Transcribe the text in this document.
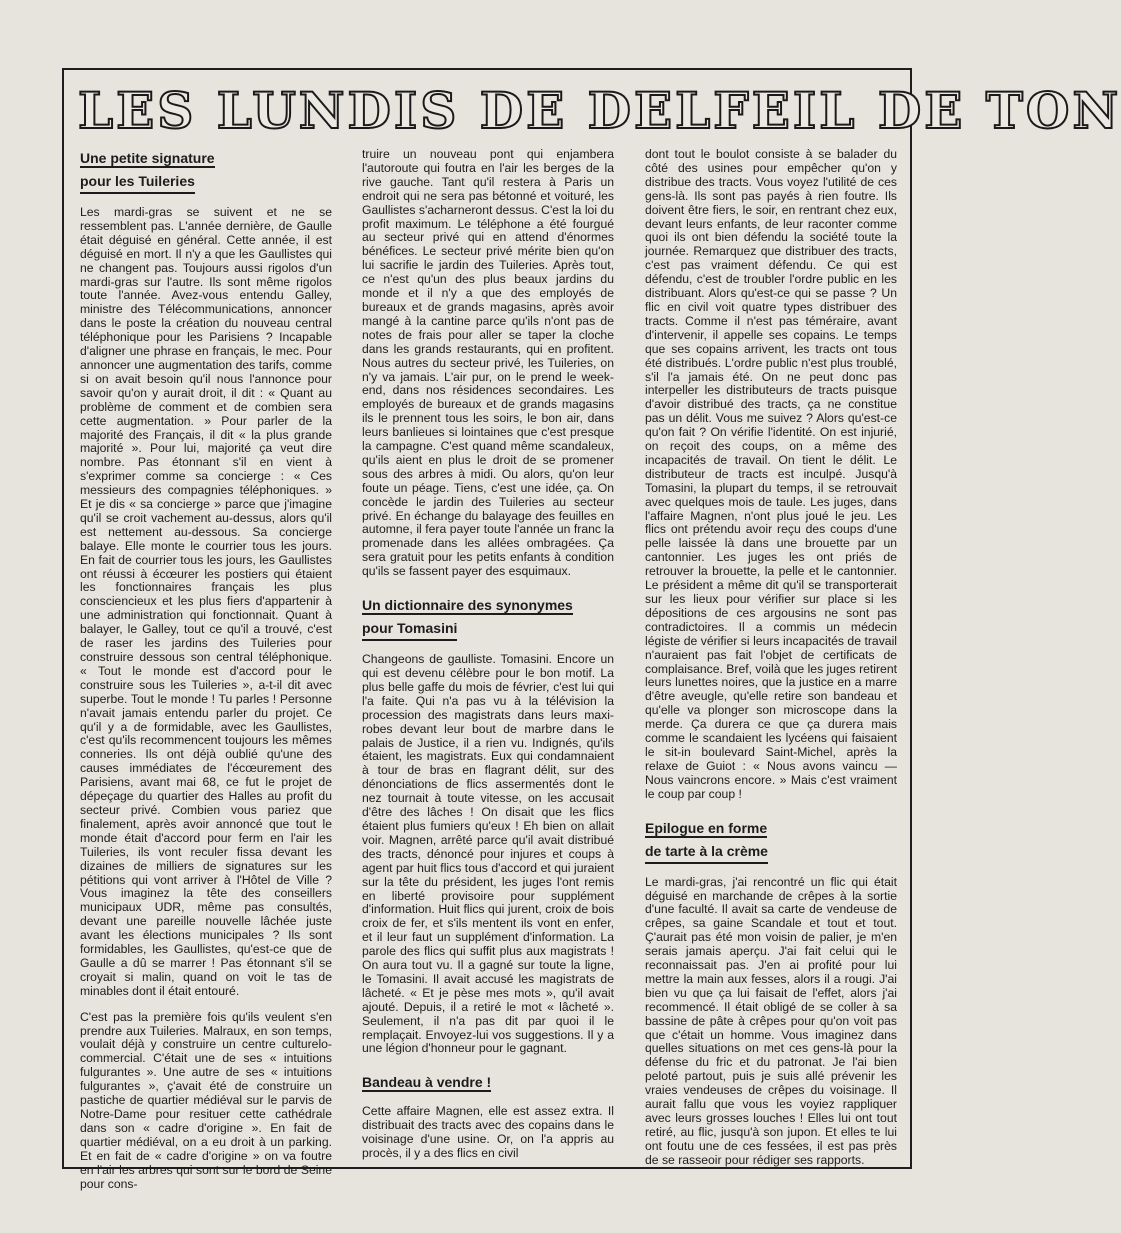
LES LUNDIS DE DELFEIL DE TON
Une petite signature
pour les Tuileries

Les mardi-gras se suivent et ne se ressemblent pas. L'année dernière, de Gaulle était déguisé en général. Cette année, il est déguisé en mort. Il n'y a que les Gaullistes qui ne changent pas. Toujours aussi rigolos d'un mardi-gras sur l'autre. Ils sont même rigolos toute l'année. Avez-vous entendu Galley, ministre des Télécommunications, annoncer dans le poste la création du nouveau central téléphonique pour les Parisiens ? Incapable d'aligner une phrase en français, le mec. Pour annoncer une augmentation des tarifs, comme si on avait besoin qu'il nous l'annonce pour savoir qu'on y aurait droit, il dit : « Quant au problème de comment et de combien sera cette augmentation. » Pour parler de la majorité des Français, il dit « la plus grande majorité ». Pour lui, majorité ça veut dire nombre. Pas étonnant s'il en vient à s'exprimer comme sa concierge : « Ces messieurs des compagnies téléphoniques. » Et je dis « sa concierge » parce que j'imagine qu'il se croit vachement au-dessus, alors qu'il est nettement au-dessous. Sa concierge balaye. Elle monte le courrier tous les jours. En fait de courrier tous les jours, les Gaullistes ont réussi à écœurer les postiers qui étaient les fonctionnaires français les plus consciencieux et les plus fiers d'appartenir à une administration qui fonctionnait. Quant à balayer, le Galley, tout ce qu'il a trouvé, c'est de raser les jardins des Tuileries pour construire dessous son central téléphonique. « Tout le monde est d'accord pour le construire sous les Tuileries », a-t-il dit avec superbe. Tout le monde ! Tu parles ! Personne n'avait jamais entendu parler du projet. Ce qu'il y a de formidable, avec les Gaullistes, c'est qu'ils recommencent toujours les mêmes conneries. Ils ont déjà oublié qu'une des causes immédiates de l'écœurement des Parisiens, avant mai 68, ce fut le projet de dépeçage du quartier des Halles au profit du secteur privé. Combien vous pariez que finalement, après avoir annoncé que tout le monde était d'accord pour ferm en l'air les Tuileries, ils vont reculer fissa devant les dizaines de milliers de signatures sur les pétitions qui vont arriver à l'Hôtel de Ville ? Vous imaginez la tête des conseillers municipaux UDR, même pas consultés, devant une pareille nouvelle lâchée juste avant les élections municipales ? Ils sont formidables, les Gaullistes, qu'est-ce que de Gaulle a dû se marrer ! Pas étonnant s'il se croyait si malin, quand on voit le tas de minables dont il était entouré.

C'est pas la première fois qu'ils veulent s'en prendre aux Tuileries. Malraux, en son temps, voulait déjà y construire un centre culturelo-commercial. C'était une de ses « intuitions fulgurantes ». Une autre de ses « intuitions fulgurantes », ç'avait été de construire un pastiche de quartier médiéval sur le parvis de Notre-Dame pour resituer cette cathédrale dans son « cadre d'origine ». En fait de quartier médiéval, on a eu droit à un parking. Et en fait de « cadre d'origine » on va foutre en l'air les arbres qui sont sur le bord de Seine pour cons-

truire un nouveau pont qui enjambera l'autoroute qui foutra en l'air les berges de la rive gauche. Tant qu'il restera à Paris un endroit qui ne sera pas bétonné et voituré, les Gaullistes s'acharneront dessus. C'est la loi du profit maximum. Le téléphone a été fourgué au secteur privé qui en attend d'énormes bénéfices. Le secteur privé mérite bien qu'on lui sacrifie le jardin des Tuileries. Après tout, ce n'est qu'un des plus beaux jardins du monde et il n'y a que des employés de bureaux et de grands magasins, après avoir mangé à la cantine parce qu'ils n'ont pas de notes de frais pour aller se taper la cloche dans les grands restaurants, qui en profitent. Nous autres du secteur privé, les Tuileries, on n'y va jamais. L'air pur, on le prend le week-end, dans nos résidences secondaires. Les employés de bureaux et de grands magasins ils le prennent tous les soirs, le bon air, dans leurs banlieues si lointaines que c'est presque la campagne. C'est quand même scandaleux, qu'ils aient en plus le droit de se promener sous des arbres à midi. Ou alors, qu'on leur foute un péage. Tiens, c'est une idée, ça. On concède le jardin des Tuileries au secteur privé. En échange du balayage des feuilles en automne, il fera payer toute l'année un franc la promenade dans les allées ombragées. Ça sera gratuit pour les petits enfants à condition qu'ils se fassent payer des esquimaux.

Un dictionnaire des synonymes
pour Tomasini

Changeons de gaulliste. Tomasini. Encore un qui est devenu célèbre pour le bon motif. La plus belle gaffe du mois de février, c'est lui qui l'a faite. Qui n'a pas vu à la télévision la procession des magistrats dans leurs maxi-robes devant leur bout de marbre dans le palais de Justice, il a rien vu. Indignés, qu'ils étaient, les magistrats. Eux qui condamnaient à tour de bras en flagrant délit, sur des dénonciations de flics assermentés dont le nez tournait à toute vitesse, on les accusait d'être des lâches ! On disait que les flics étaient plus fumiers qu'eux ! Eh bien on allait voir. Magnen, arrêté parce qu'il avait distribué des tracts, dénoncé pour injures et coups à agent par huit flics tous d'accord et qui juraient sur la tête du président, les juges l'ont remis en liberté provisoire pour supplément d'information. Huit flics qui jurent, croix de bois croix de fer, et s'ils mentent ils vont en enfer, et il leur faut un supplément d'information. La parole des flics qui suffit plus aux magistrats ! On aura tout vu. Il a gagné sur toute la ligne, le Tomasini. Il avait accusé les magistrats de lâcheté. « Et je pèse mes mots », qu'il avait ajouté. Depuis, il a retiré le mot « lâcheté ». Seulement, il n'a pas dit par quoi il le remplaçait. Envoyez-lui vos suggestions. Il y a une légion d'honneur pour le gagnant.

Bandeau à vendre !

Cette affaire Magnen, elle est assez extra. Il distribuait des tracts avec des copains dans le voisinage d'une usine. Or, on l'a appris au procès, il y a des flics en civil

dont tout le boulot consiste à se balader du côté des usines pour empêcher qu'on y distribue des tracts. Vous voyez l'utilité de ces gens-là. Ils sont pas payés à rien foutre. Ils doivent être fiers, le soir, en rentrant chez eux, devant leurs enfants, de leur raconter comme quoi ils ont bien défendu la société toute la journée. Remarquez que distribuer des tracts, c'est pas vraiment défendu. Ce qui est défendu, c'est de troubler l'ordre public en les distribuant. Alors qu'est-ce qui se passe ? Un flic en civil voit quatre types distribuer des tracts. Comme il n'est pas téméraire, avant d'intervenir, il appelle ses copains. Le temps que ses copains arrivent, les tracts ont tous été distribués. L'ordre public n'est plus troublé, s'il l'a jamais été. On ne peut donc pas interpeller les distributeurs de tracts puisque d'avoir distribué des tracts, ça ne constitue pas un délit. Vous me suivez ? Alors qu'est-ce qu'on fait ? On vérifie l'identité. On est injurié, on reçoit des coups, on a même des incapacités de travail. On tient le délit. Le distributeur de tracts est inculpé. Jusqu'à Tomasini, la plupart du temps, il se retrouvait avec quelques mois de taule. Les juges, dans l'affaire Magnen, n'ont plus joué le jeu. Les flics ont prétendu avoir reçu des coups d'une pelle laissée là dans une brouette par un cantonnier. Les juges les ont priés de retrouver la brouette, la pelle et le cantonnier. Le président a même dit qu'il se transporterait sur les lieux pour vérifier sur place si les dépositions de ces argousins ne sont pas contradictoires. Il a commis un médecin légiste de vérifier si leurs incapacités de travail n'auraient pas fait l'objet de certificats de complaisance. Bref, voilà que les juges retirent leurs lunettes noires, que la justice en a marre d'être aveugle, qu'elle retire son bandeau et qu'elle va plonger son microscope dans la merde. Ça durera ce que ça durera mais comme le scandaient les lycéens qui faisaient le sit-in boulevard Saint-Michel, après la relaxe de Guiot : « Nous avons vaincu — Nous vaincrons encore. » Mais c'est vraiment le coup par coup !

Epilogue en forme
de tarte à la crème

Le mardi-gras, j'ai rencontré un flic qui était déguisé en marchande de crêpes à la sortie d'une faculté. Il avait sa carte de vendeuse de crêpes, sa gaine Scandale et tout et tout. Ç'aurait pas été mon voisin de palier, je m'en serais jamais aperçu. J'ai fait celui qui le reconnaissait pas. J'en ai profité pour lui mettre la main aux fesses, alors il a rougi. J'ai bien vu que ça lui faisait de l'effet, alors j'ai recommencé. Il était obligé de se coller à sa bassine de pâte à crêpes pour qu'on voit pas que c'était un homme. Vous imaginez dans quelles situations on met ces gens-là pour la défense du fric et du patronat. Je l'ai bien peloté partout, puis je suis allé prévenir les vraies vendeuses de crêpes du voisinage. Il aurait fallu que vous les voyiez rappliquer avec leurs grosses louches ! Elles lui ont tout retiré, au flic, jusqu'à son jupon. Et elles te lui ont foutu une de ces fessées, il est pas près de se rasseoir pour rédiger ses rapports.
